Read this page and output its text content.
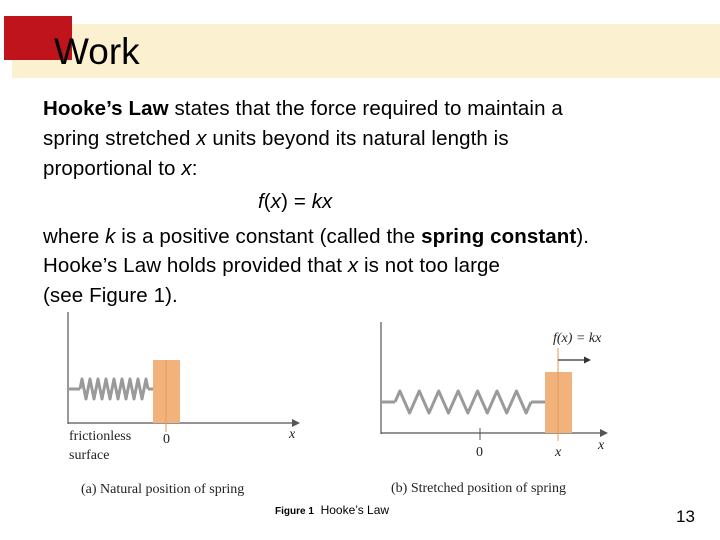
Work
Hooke’s Law states that the force required to maintain a
spring stretched x units beyond its natural length is
proportional to x:
f(x) = kx
where k is a positive constant (called the spring constant).
Hooke’s Law holds provided that x is not too large
(see Figure 1).
frictionless
surface
0	x
(a) Natural position of spring
f(x) = kx
0	x	x
(b) Stretched position of spring
Figure 1 Hooke’s Law	13
